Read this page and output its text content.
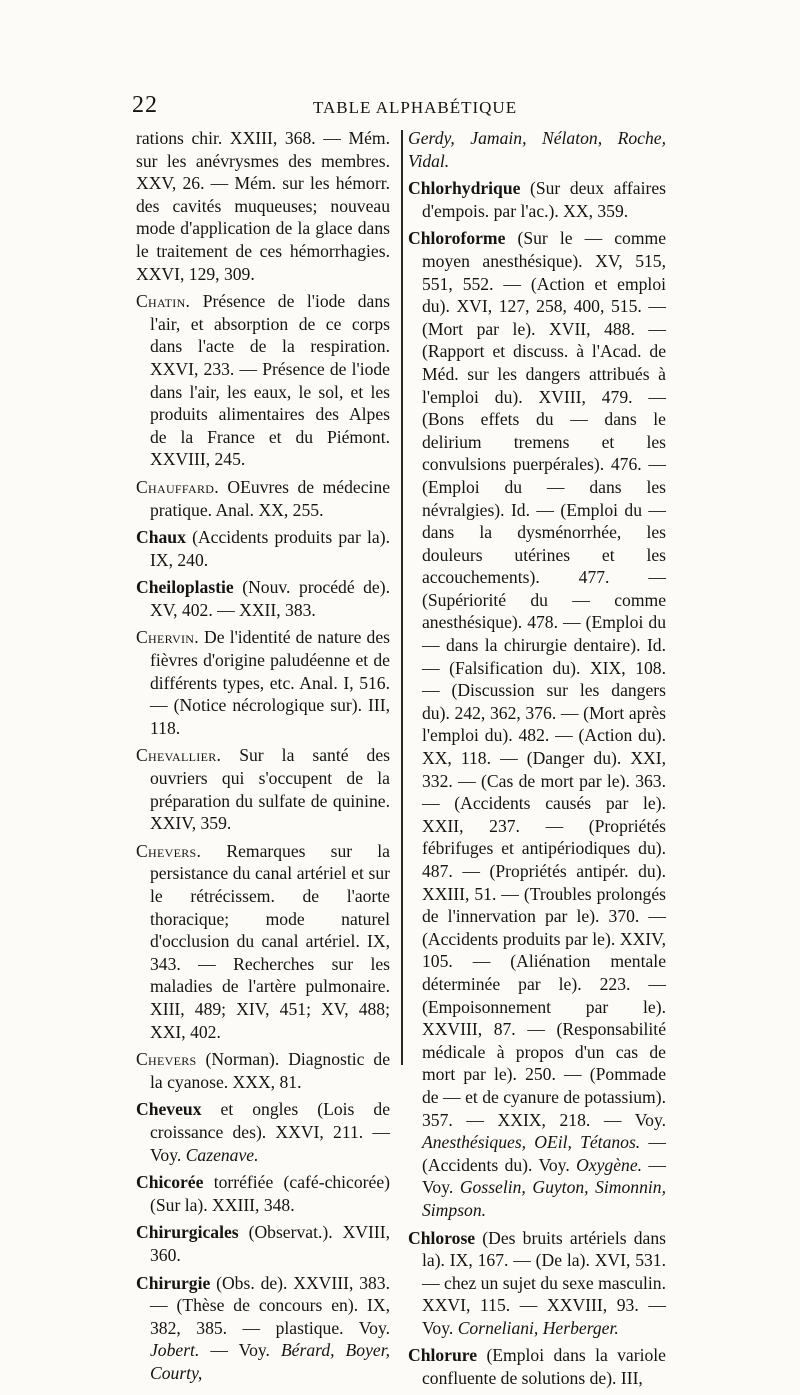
22	TABLE ALPHABÉTIQUE

rations chir. XXIII, 368. — Mém. sur les anévrysmes des membres. XXV, 26. — Mém. sur les hémorr. des cavités muqueuses; nouveau mode d'application de la glace dans le traitement de ces hémorrhagies. XXVI, 129, 309.

Chatin. Présence de l'iode dans l'air, et absorption de ce corps dans l'acte de la respiration. XXVI, 233. — Présence de l'iode dans l'air, les eaux, le sol, et les produits alimentaires des Alpes de la France et du Piémont. XXVIII, 245.

Chauffard. OEuvres de médecine pratique. Anal. XX, 255.

Chaux (Accidents produits par la). IX, 240.

Cheiloplastie (Nouv. procédé de). XV, 402. — XXII, 383.

Chervin. De l'identité de nature des fièvres d'origine paludéenne et de différents types, etc. Anal. I, 516. — (Notice nécrologique sur). III, 118.

Chevallier. Sur la santé des ouvriers qui s'occupent de la préparation du sulfate de quinine. XXIV, 359.

Chevers. Remarques sur la persistance du canal artériel et sur le rétrécissem. de l'aorte thoracique; mode naturel d'occlusion du canal artériel. IX, 343. — Recherches sur les maladies de l'artère pulmonaire. XIII, 489; XIV, 451; XV, 488; XXI, 402.

Chevers (Norman). Diagnostic de la cyanose. XXX, 81.

Cheveux et ongles (Lois de croissance des). XXVI, 211. — Voy. Cazenave.

Chicorée torréfiée (café-chicorée) (Sur la). XXIII, 348.

Chirurgicales (Observat.). XVIII, 360.

Chirurgie (Obs. de). XXVIII, 383. — (Thèse de concours en). IX, 382, 385. — plastique. Voy. Jobert. — Voy. Bérard, Boyer, Courty,

Gerdy, Jamain, Nélaton, Roche, Vidal.

Chlorhydrique (Sur deux affaires d'empois. par l'ac.). XX, 359.

Chloroforme (Sur le — comme moyen anesthésique). XV, 515, 551, 552. — (Action et emploi du). XVI, 127, 258, 400, 515. — (Mort par le). XVII, 488. — (Rapport et discuss. à l'Acad. de Méd. sur les dangers attribués à l'emploi du). XVIII, 479. — (Bons effets du — dans le delirium tremens et les convulsions puerpérales). 476. — (Emploi du — dans les névralgies). Id. — (Emploi du — dans la dysménorrhée, les douleurs utérines et les accouchements). 477. — (Supériorité du — comme anesthésique). 478. — (Emploi du — dans la chirurgie dentaire). Id. — (Falsification du). XIX, 108. — (Discussion sur les dangers du). 242, 362, 376. — (Mort après l'emploi du). 482. — (Action du). XX, 118. — (Danger du). XXI, 332. — (Cas de mort par le). 363. — (Accidents causés par le). XXII, 237. — (Propriétés fébrifuges et antipériodiques du). 487. — (Propriétés antipér. du). XXIII, 51. — (Troubles prolongés de l'innervation par le). 370. — (Accidents produits par le). XXIV, 105. — (Aliénation mentale déterminée par le). 223. — (Empoisonnement par le). XXVIII, 87. — (Responsabilité médicale à propos d'un cas de mort par le). 250. — (Pommade de — et de cyanure de potassium). 357. — XXIX, 218. — Voy. Anesthésiques, OEil, Tétanos. — (Accidents du). Voy. Oxygène. — Voy. Gosselin, Guyton, Simonnin, Simpson.

Chlorose (Des bruits artériels dans la). IX, 167. — (De la). XVI, 531. — chez un sujet du sexe masculin. XXVI, 115. — XXVIII, 93. — Voy. Corneliani, Herberger.

Chlorure (Emploi dans la variole confluente de solutions de). III,
